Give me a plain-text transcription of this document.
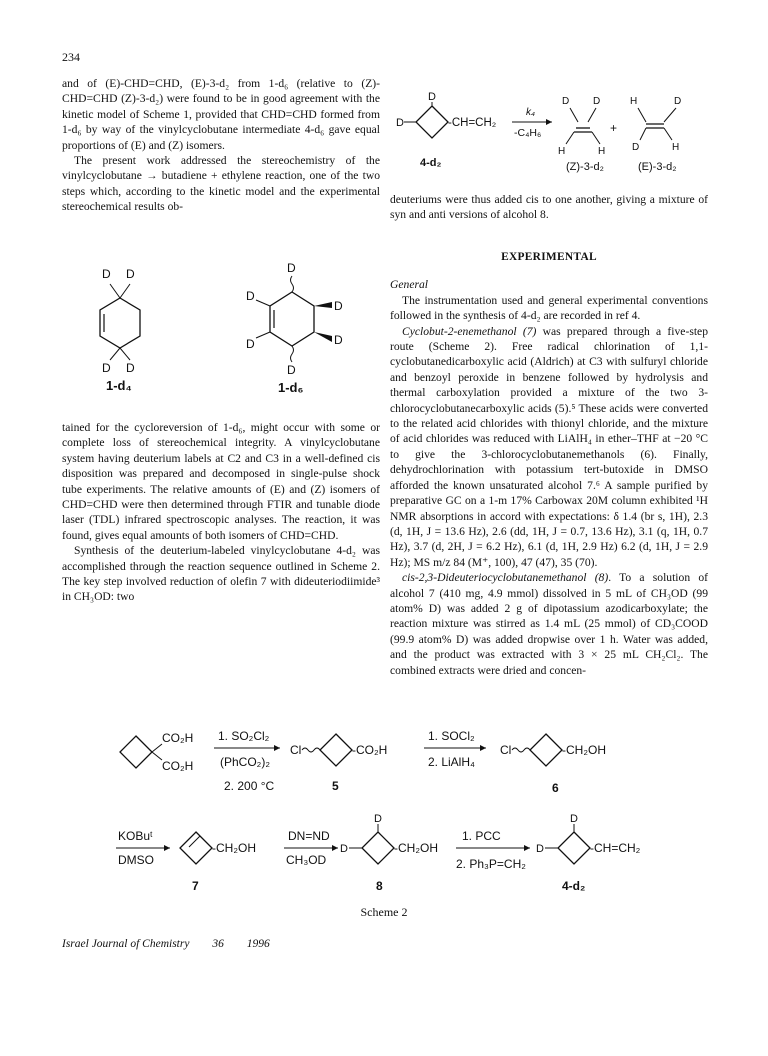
234

and of (E)-CHD=CHD, (E)-3-d₂ from 1-d₆ (relative to (Z)-CHD=CHD (Z)-3-d₂) were found to be in good agreement with the kinetic model of Scheme 1, provided that CHD=CHD formed from 1-d₆ by way of the vinylcyclobutane intermediate 4-d₆ gave equal proportions of (E) and (Z) isomers.

The present work addressed the stereochemistry of the vinylcyclobutane → butadiene + ethylene reaction, one of the two steps which, according to the kinetic model and the experimental stereochemical results ob-

D
D	-CH=CH₂
k₄
-C₄H₆
D D
H	H
+
H	D
D	H
4-d₂	(Z)-3-d₂	(E)-3-d₂

deuteriums were thus added cis to one another, giving a mixture of syn and anti versions of alcohol 8.

D D
D D
1-d₄
D
D
D
D
D
D
1-d₆

tained for the cycloreversion of 1-d₆, might occur with some or complete loss of stereochemical integrity. A vinylcyclobutane system having deuterium labels at C2 and C3 in a well-defined cis disposition was prepared and decomposed in single-pulse shock tube experiments. The relative amounts of (E) and (Z) isomers of CHD=CHD were then determined through FTIR and tunable diode laser (TDL) infrared spectroscopic analyses. The reaction, it was found, gives equal amounts of both isomers of CHD=CHD.

Synthesis of the deuterium-labeled vinylcyclobutane 4-d₂ was accomplished through the reaction sequence outlined in Scheme 2. The key step involved reduction of olefin 7 with dideuteriodiimide³ in CH₃OD: two

EXPERIMENTAL

General

The instrumentation used and general experimental conventions followed in the synthesis of 4-d₂ are recorded in ref 4.

Cyclobut-2-enemethanol (7) was prepared through a five-step route (Scheme 2). Free radical chlorination of 1,1-cyclobutanedicarboxylic acid (Aldrich) at C3 with sulfuryl chloride and benzoyl peroxide in benzene followed by hydrolysis and thermal carboxylation provided a mixture of the two 3-chlorocyclobutanecarboxylic acids (5).⁵ These acids were converted to the related acid chlorides with thionyl chloride, and the mixture of acid chlorides was reduced with LiAlH₄ in ether–THF at −20 °C to give the 3-chlorocyclobutanemethanols (6). Finally, dehydrochlorination with potassium tert-butoxide in DMSO afforded the known unsaturated alcohol 7.⁶ A sample purified by preparative GC on a 1-m 17% Carbowax 20M column exhibited ¹H NMR absorptions in accord with expectations: δ 1.4 (br s, 1H), 2.3 (d, 1H, J = 13.6 Hz), 2.6 (dd, 1H, J = 0.7, 13.6 Hz), 3.1 (q, 1H, 0.7 Hz), 3.7 (d, 2H, J = 6.2 Hz), 6.1 (d, 1H, 2.9 Hz) 6.2 (d, 1H, J = 2.9 Hz); MS m/z 84 (M⁺, 100), 47 (47), 35 (70).

cis-2,3-Dideuteriocyclobutanemethanol (8). To a solution of alcohol 7 (410 mg, 4.9 mmol) dissolved in 5 mL of CH₃OD (99 atom% D) was added 2 g of dipotassium azodicarboxylate; the reaction mixture was stirred as 1.4 mL (25 mmol) of CD₃COOD (99.9 atom% D) was added dropwise over 1 h. Water was added, and the product was extracted with 3 × 25 mL CH₂Cl₂. The combined extracts were dried and concen-

CO₂H
CO₂H
1. SO₂Cl₂
(PhCO₂)₂
2. 200 °C
Cl	-CO₂H
5
1. SOCl₂
2. LiAlH₄
Cl	-CH₂OH
6
KOBuᵗ
DMSO
-CH₂OH
7
DN=ND
CH₃OD
D
D
-CH₂OH
8
1. PCC
2. Ph₃P=CH₂
D
D
-CH=CH₂
4-d₂
Scheme 2
Israel Journal of Chemistry 36 1996
